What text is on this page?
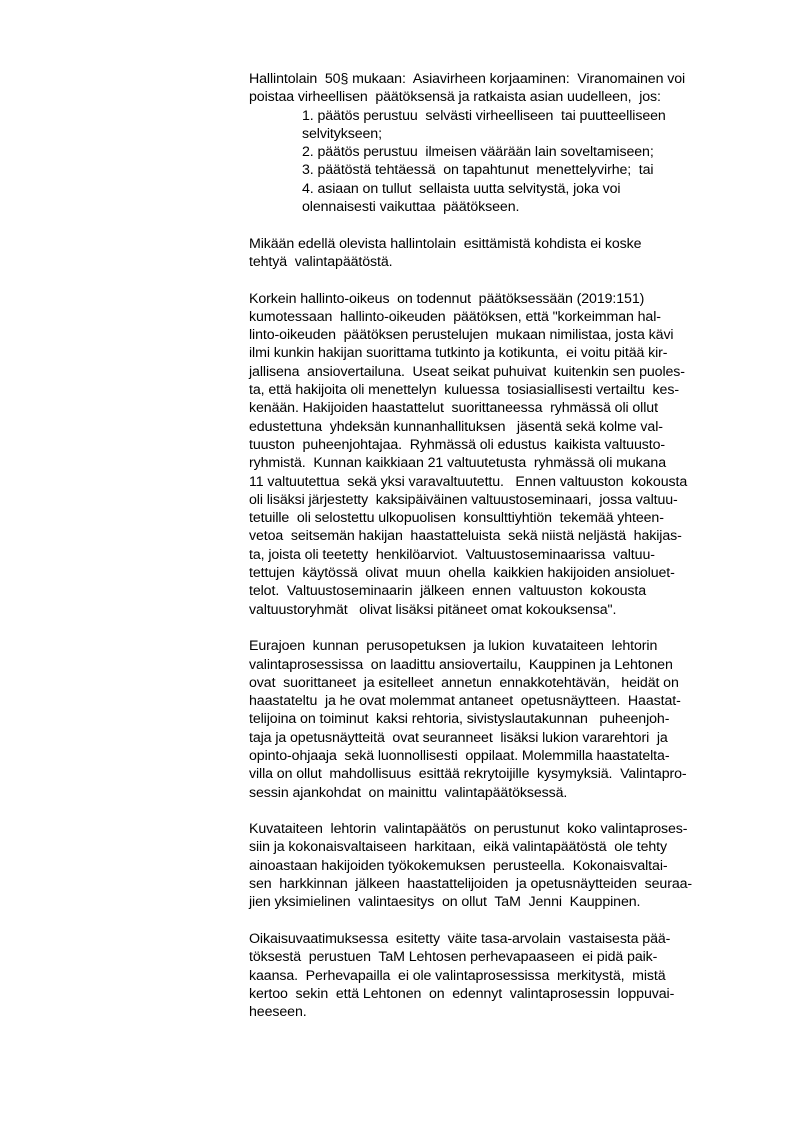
Hallintolain  50§ mukaan:  Asiavirheen korjaaminen:  Viranomainen voi
poistaa virheellisen  päätöksensä ja ratkaista asian uudelleen,  jos:
1. päätös perustuu  selvästi virheelliseen  tai puutteelliseen
selvitykseen;
2. päätös perustuu  ilmeisen väärään lain soveltamiseen;
3. päätöstä tehtäessä  on tapahtunut  menettelyvirhe;  tai
4. asiaan on tullut  sellaista uutta selvitystä, joka voi
olennaisesti vaikuttaa  päätökseen.
Mikään edellä olevista hallintolain  esittämistä kohdista ei koske
tehtyä  valintapäätöstä.
Korkein hallinto-oikeus  on todennut  päätöksessään (2019:151)
kumotessaan  hallinto-oikeuden  päätöksen, että "korkeimman hal-
linto-oikeuden  päätöksen perustelujen  mukaan nimilistaa, josta kävi
ilmi kunkin hakijan suorittama tutkinto ja kotikunta,  ei voitu pitää kir-
jallisena  ansiovertailuna.  Useat seikat puhuivat  kuitenkin sen puoles-
ta, että hakijoita oli menettelyn  kuluessa  tosiasiallisesti vertailtu  kes-
kenään. Hakijoiden haastattelut  suorittaneessa  ryhmässä oli ollut
edustettuna  yhdeksän kunnanhallituksen   jäsentä sekä kolme val-
tuuston  puheenjohtajaa.  Ryhmässä oli edustus  kaikista valtuusto-
ryhmistä.  Kunnan kaikkiaan 21 valtuutetusta  ryhmässä oli mukana
11 valtuutettua  sekä yksi varavaltuutettu.   Ennen valtuuston  kokousta
oli lisäksi järjestetty  kaksipäiväinen valtuustoseminaari,  jossa valtuu-
tetuille  oli selostettu ulkopuolisen  konsulttiyhtiön  tekemää yhteen-
vetoa  seitsemän hakijan  haastatteluista  sekä niistä neljästä  hakijas-
ta, joista oli teetetty  henkilöarviot.  Valtuustoseminaarissa  valtuu-
tettujen  käytössä  olivat  muun  ohella  kaikkien hakijoiden ansioluet-
telot.  Valtuustoseminaarin  jälkeen  ennen  valtuuston  kokousta
valtuustoryhmät   olivat lisäksi pitäneet omat kokouksensa".
Eurajoen  kunnan  perusopetuksen  ja lukion  kuvataiteen  lehtorin
valintaprosessissa  on laadittu ansiovertailu,  Kauppinen ja Lehtonen
ovat  suorittaneet  ja esitelleet  annetun  ennakkotehtävän,   heidät on
haastateltu  ja he ovat molemmat antaneet  opetusnäytteen.  Haastat-
telijoina on toiminut  kaksi rehtoria, sivistyslautakunnan   puheenjoh-
taja ja opetusnäytteitä  ovat seuranneet  lisäksi lukion vararehtori  ja
opinto-ohjaaja  sekä luonnollisesti  oppilaat. Molemmilla haastatelta-
villa on ollut  mahdollisuus  esittää rekrytoijille  kysymyksiä.  Valintapro-
sessin ajankohdat  on mainittu  valintapäätöksessä.
Kuvataiteen  lehtorin  valintapäätös  on perustunut  koko valintaproses-
siin ja kokonaisvaltaiseen  harkitaan,  eikä valintapäätöstä  ole tehty
ainoastaan hakijoiden työkokemuksen  perusteella.  Kokonaisvaltai-
sen  harkkinnan  jälkeen  haastattelijoiden  ja opetusnäytteiden  seuraa-
jien yksimielinen  valintaesitys  on ollut  TaM  Jenni  Kauppinen.
Oikaisuvaatimuksessa  esitetty  väite tasa-arvolain  vastaisesta pää-
töksestä  perustuen  TaM Lehtosen perhevapaaseen  ei pidä paik-
kaansa.  Perhevapailla  ei ole valintaprosessissa  merkitystä,  mistä
kertoo  sekin  että Lehtonen  on  edennyt  valintaprosessin  loppuvai-
heeseen.
